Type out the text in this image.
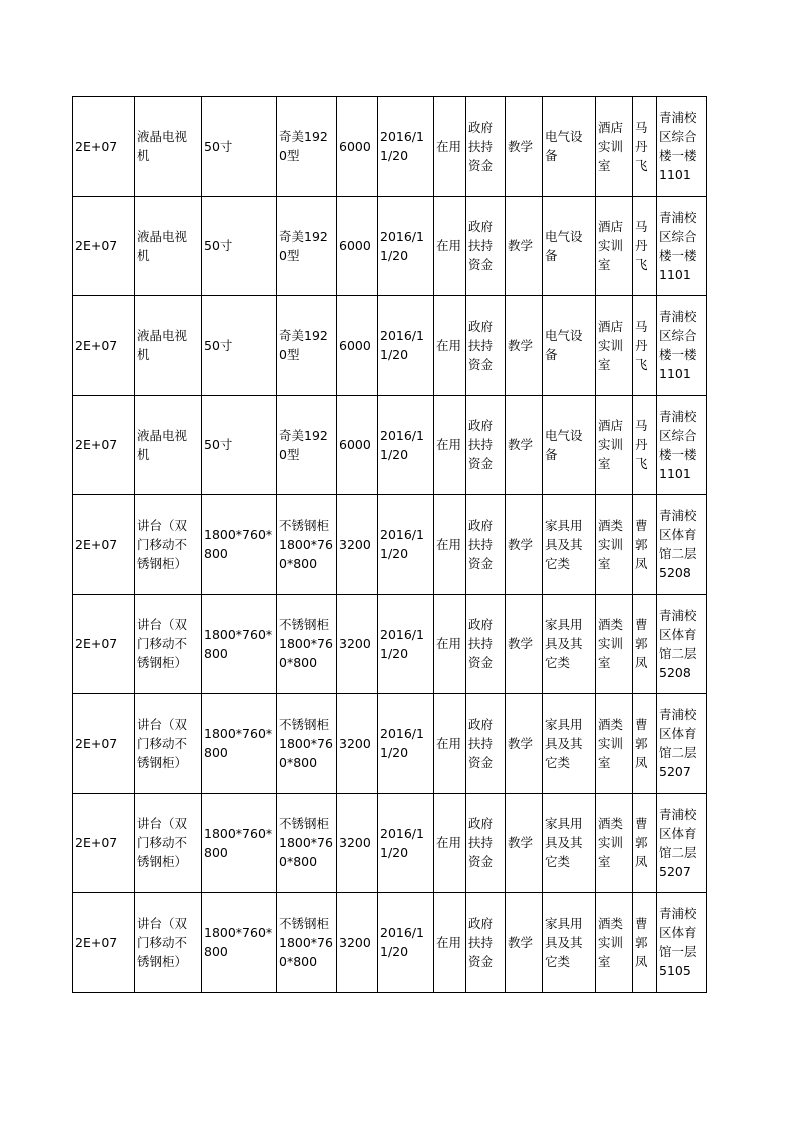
2E+07	液晶电视机	50寸	奇美1920型	6000	2016/11/20	在用	政府扶持资金	教学	电气设备	酒店实训室	马丹飞	青浦校区综合楼一楼1101
2E+07	液晶电视机	50寸	奇美1920型	6000	2016/11/20	在用	政府扶持资金	教学	电气设备	酒店实训室	马丹飞	青浦校区综合楼一楼1101
2E+07	液晶电视机	50寸	奇美1920型	6000	2016/11/20	在用	政府扶持资金	教学	电气设备	酒店实训室	马丹飞	青浦校区综合楼一楼1101
2E+07	液晶电视机	50寸	奇美1920型	6000	2016/11/20	在用	政府扶持资金	教学	电气设备	酒店实训室	马丹飞	青浦校区综合楼一楼1101
2E+07	讲台（双门移动不锈钢柜）	1800*760*800	不锈钢柜1800*760*800	3200	2016/11/20	在用	政府扶持资金	教学	家具用具及其它类	酒类实训室	曹郭凤	青浦校区体育馆二层5208
2E+07	讲台（双门移动不锈钢柜）	1800*760*800	不锈钢柜1800*760*800	3200	2016/11/20	在用	政府扶持资金	教学	家具用具及其它类	酒类实训室	曹郭凤	青浦校区体育馆二层5208
2E+07	讲台（双门移动不锈钢柜）	1800*760*800	不锈钢柜1800*760*800	3200	2016/11/20	在用	政府扶持资金	教学	家具用具及其它类	酒类实训室	曹郭凤	青浦校区体育馆二层5207
2E+07	讲台（双门移动不锈钢柜）	1800*760*800	不锈钢柜1800*760*800	3200	2016/11/20	在用	政府扶持资金	教学	家具用具及其它类	酒类实训室	曹郭凤	青浦校区体育馆二层5207
2E+07	讲台（双门移动不锈钢柜）	1800*760*800	不锈钢柜1800*760*800	3200	2016/11/20	在用	政府扶持资金	教学	家具用具及其它类	酒类实训室	曹郭凤	青浦校区体育馆一层5105
